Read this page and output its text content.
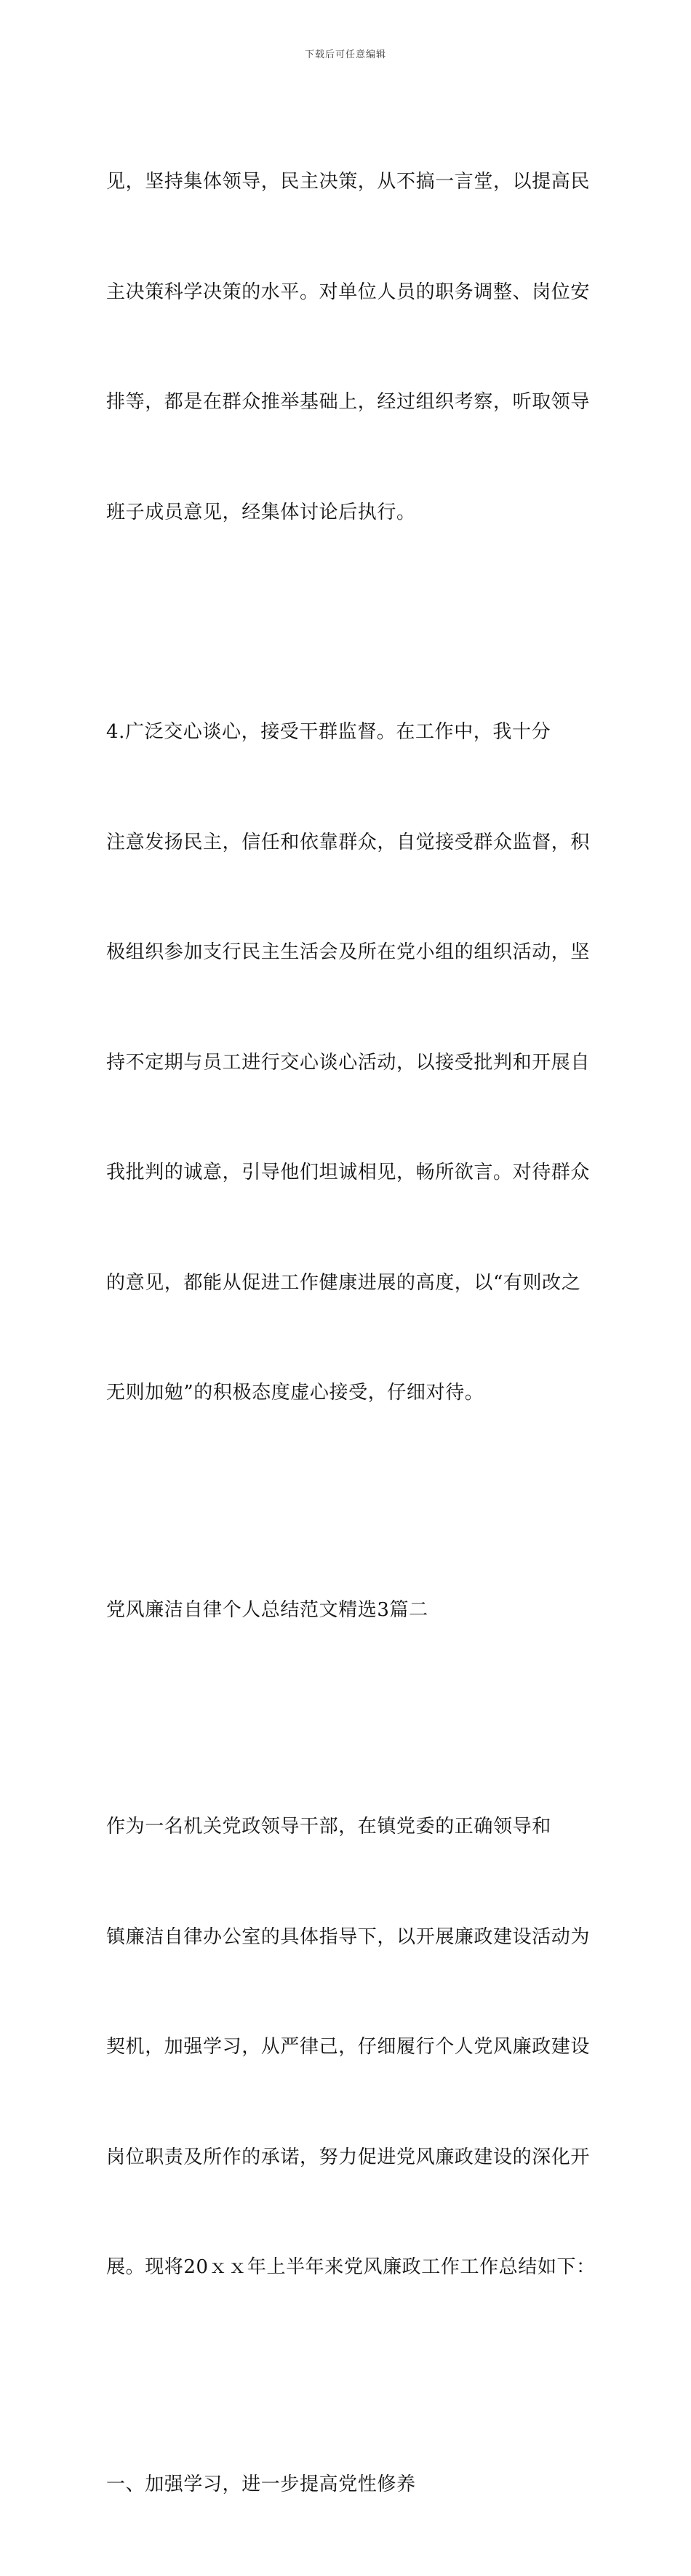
下载后可任意编辑

见，坚持集体领导，民主决策，从不搞一言堂，以提高民

主决策科学决策的水平。对单位人员的职务调整、岗位安

排等，都是在群众推举基础上，经过组织考察，听取领导

班子成员意见，经集体讨论后执行。

4.广泛交心谈心，接受干群监督。在工作中，我十分

注意发扬民主，信任和依靠群众，自觉接受群众监督，积

极组织参加支行民主生活会及所在党小组的组织活动，坚

持不定期与员工进行交心谈心活动，以接受批判和开展自

我批判的诚意，引导他们坦诚相见，畅所欲言。对待群众

的意见，都能从促进工作健康进展的高度，以“有则改之

无则加勉”的积极态度虚心接受，仔细对待。

党风廉洁自律个人总结范文精选3篇二

作为一名机关党政领导干部，在镇党委的正确领导和

镇廉洁自律办公室的具体指导下，以开展廉政建设活动为

契机，加强学习，从严律己，仔细履行个人党风廉政建设

岗位职责及所作的承诺，努力促进党风廉政建设的深化开

展。现将20ｘｘ年上半年来党风廉政工作工作总结如下：

一、加强学习，进一步提高党性修养
